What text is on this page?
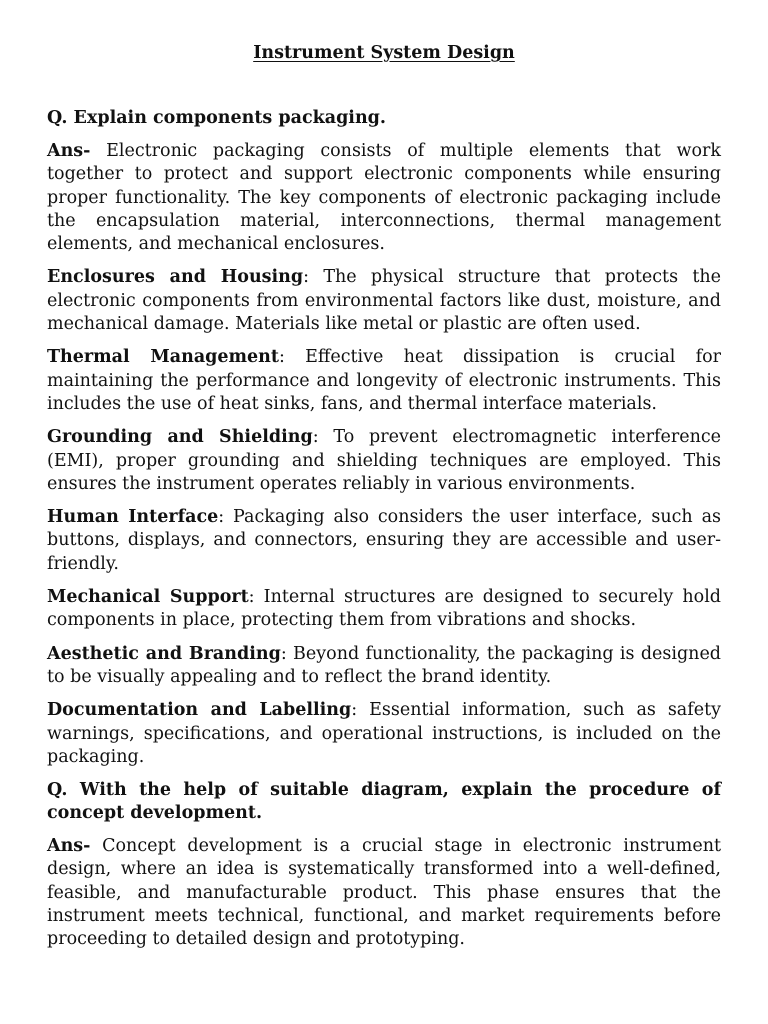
Instrument System Design

Q. Explain components packaging.

Ans- Electronic packaging consists of multiple elements that work together to protect and support electronic components while ensuring proper functionality. The key components of electronic packaging include the encapsulation material, interconnections, thermal management elements, and mechanical enclosures.

Enclosures and Housing: The physical structure that protects the electronic components from environmental factors like dust, moisture, and mechanical damage. Materials like metal or plastic are often used.

Thermal Management: Effective heat dissipation is crucial for maintaining the performance and longevity of electronic instruments. This includes the use of heat sinks, fans, and thermal interface materials.

Grounding and Shielding: To prevent electromagnetic interference (EMI), proper grounding and shielding techniques are employed. This ensures the instrument operates reliably in various environments.

Human Interface: Packaging also considers the user interface, such as buttons, displays, and connectors, ensuring they are accessible and user-friendly.

Mechanical Support: Internal structures are designed to securely hold components in place, protecting them from vibrations and shocks.

Aesthetic and Branding: Beyond functionality, the packaging is designed to be visually appealing and to reflect the brand identity.

Documentation and Labelling: Essential information, such as safety warnings, specifications, and operational instructions, is included on the packaging.

Q. With the help of suitable diagram, explain the procedure of concept development.

Ans- Concept development is a crucial stage in electronic instrument design, where an idea is systematically transformed into a well-defined, feasible, and manufacturable product. This phase ensures that the instrument meets technical, functional, and market requirements before proceeding to detailed design and prototyping.
